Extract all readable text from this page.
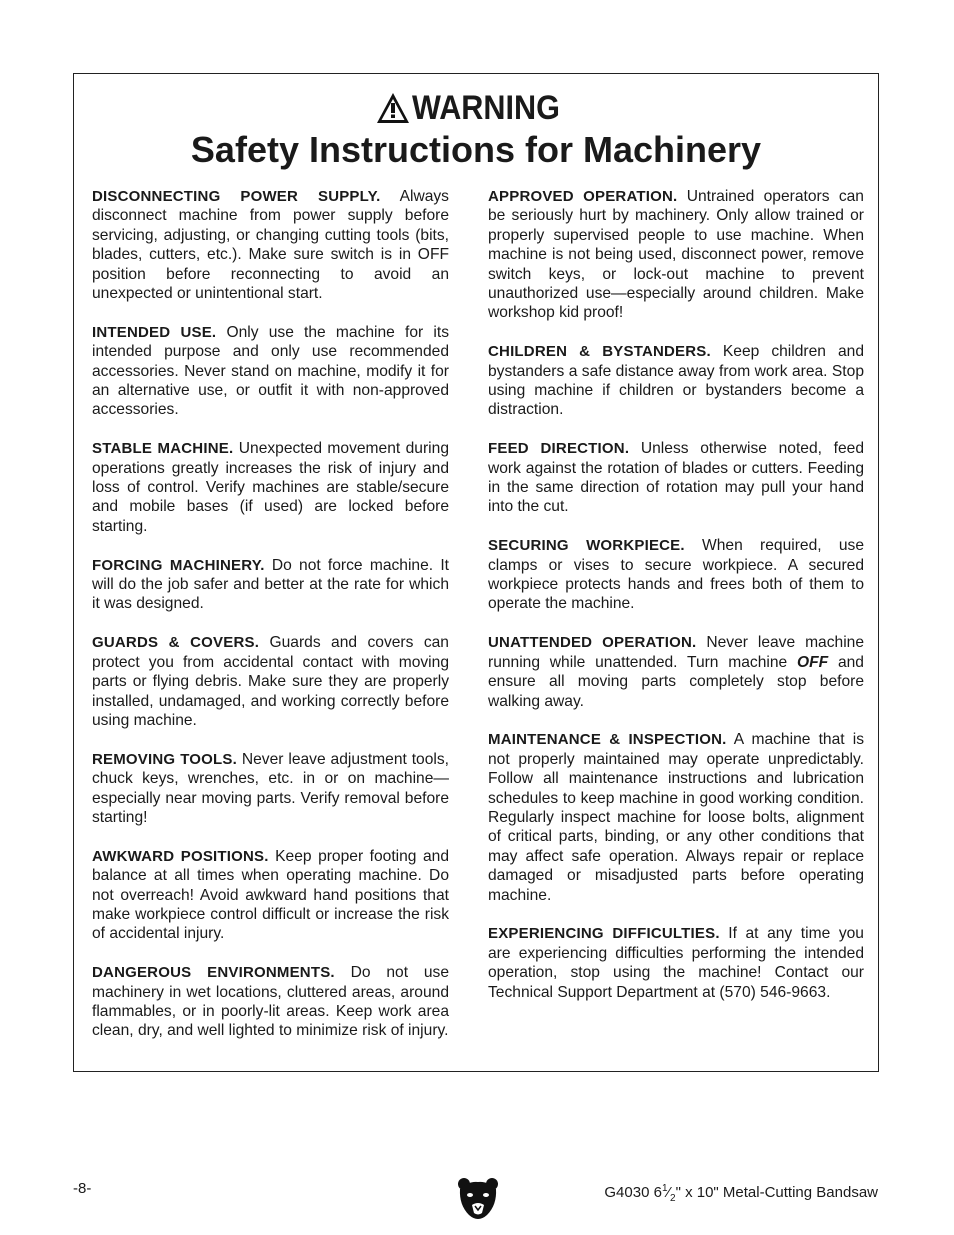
WARNING
Safety Instructions for Machinery

DISCONNECTING POWER SUPPLY. Always disconnect machine from power supply before servicing, adjusting, or changing cutting tools (bits, blades, cutters, etc.). Make sure switch is in OFF position before reconnecting to avoid an unexpected or unintentional start.

INTENDED USE. Only use the machine for its intended purpose and only use recommended accessories. Never stand on machine, modify it for an alternative use, or outfit it with non-approved accessories.

STABLE MACHINE. Unexpected movement during operations greatly increases the risk of injury and loss of control. Verify machines are stable/secure and mobile bases (if used) are locked before starting.

FORCING MACHINERY. Do not force machine. It will do the job safer and better at the rate for which it was designed.

GUARDS & COVERS. Guards and covers can protect you from accidental contact with moving parts or flying debris. Make sure they are properly installed, undamaged, and working correctly before using machine.

REMOVING TOOLS. Never leave adjustment tools, chuck keys, wrenches, etc. in or on machine—especially near moving parts. Verify removal before starting!

AWKWARD POSITIONS. Keep proper footing and balance at all times when operating machine. Do not overreach! Avoid awkward hand positions that make workpiece control difficult or increase the risk of accidental injury.

DANGEROUS ENVIRONMENTS. Do not use machinery in wet locations, cluttered areas, around flammables, or in poorly-lit areas. Keep work area clean, dry, and well lighted to minimize risk of injury.

APPROVED OPERATION. Untrained operators can be seriously hurt by machinery. Only allow trained or properly supervised people to use machine. When machine is not being used, disconnect power, remove switch keys, or lock-out machine to prevent unauthorized use—especially around children. Make workshop kid proof!

CHILDREN & BYSTANDERS. Keep children and bystanders a safe distance away from work area. Stop using machine if children or bystanders become a distraction.

FEED DIRECTION. Unless otherwise noted, feed work against the rotation of blades or cutters. Feeding in the same direction of rotation may pull your hand into the cut.

SECURING WORKPIECE. When required, use clamps or vises to secure workpiece. A secured workpiece protects hands and frees both of them to operate the machine.

UNATTENDED OPERATION. Never leave machine running while unattended. Turn machine OFF and ensure all moving parts completely stop before walking away.

MAINTENANCE & INSPECTION. A machine that is not properly maintained may operate unpredictably. Follow all maintenance instructions and lubrication schedules to keep machine in good working condition. Regularly inspect machine for loose bolts, alignment of critical parts, binding, or any other conditions that may affect safe operation. Always repair or replace damaged or misadjusted parts before operating machine.

EXPERIENCING DIFFICULTIES. If at any time you are experiencing difficulties performing the intended operation, stop using the machine! Contact our Technical Support Department at (570) 546-9663.

-8-	G4030 $6^1⁄_2$" x 10" Metal-Cutting Bandsaw
